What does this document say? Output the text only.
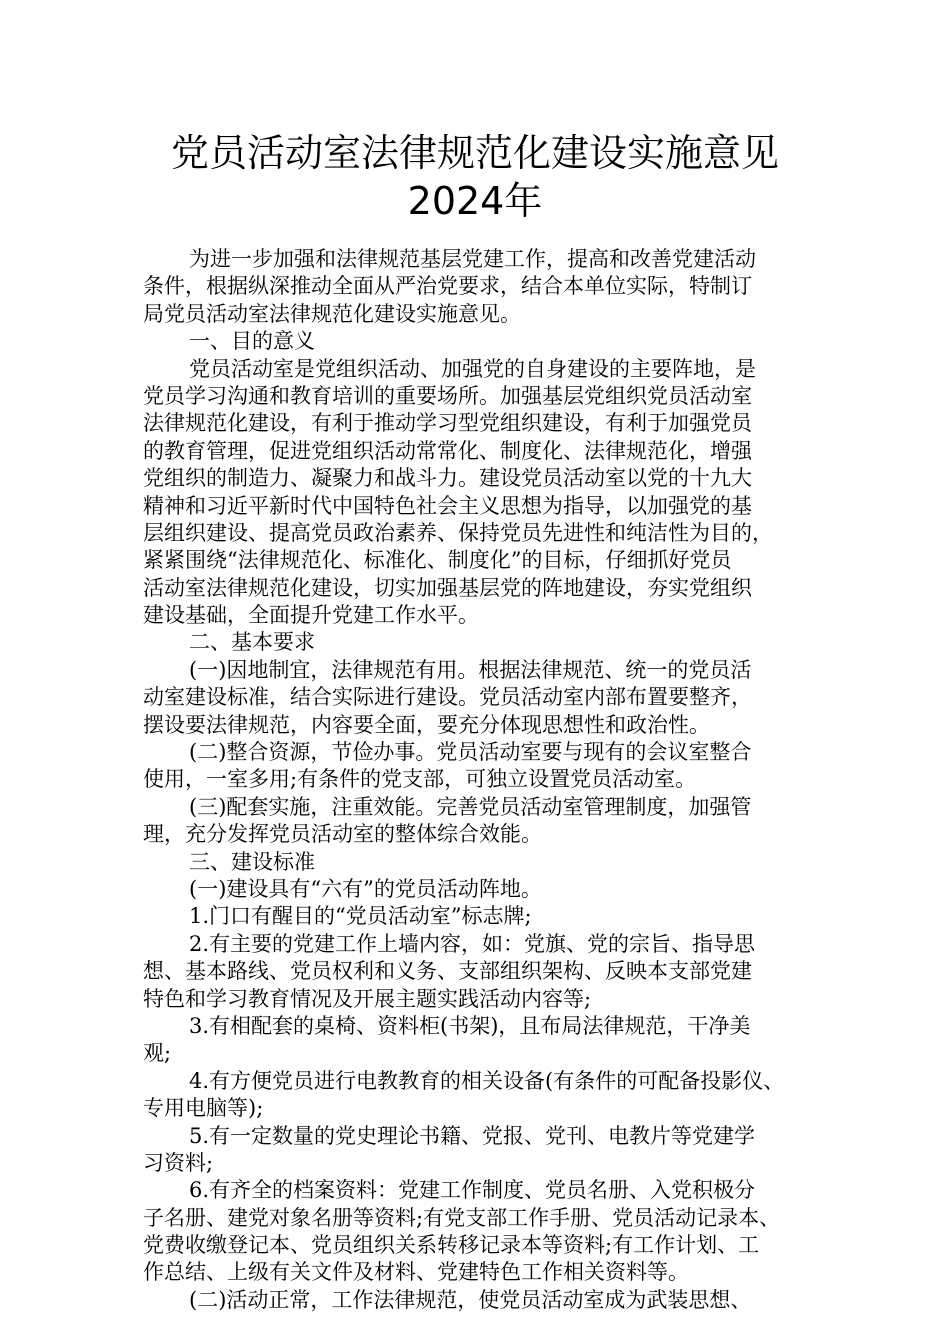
党员活动室法律规范化建设实施意见
2024年
为进一步加强和法律规范基层党建工作，提高和改善党建活动
条件，根据纵深推动全面从严治党要求，结合本单位实际，特制订
局党员活动室法律规范化建设实施意见。
一、目的意义
党员活动室是党组织活动、加强党的自身建设的主要阵地，是
党员学习沟通和教育培训的重要场所。加强基层党组织党员活动室
法律规范化建设，有利于推动学习型党组织建设，有利于加强党员
的教育管理，促进党组织活动常常化、制度化、法律规范化，增强
党组织的制造力、凝聚力和战斗力。建设党员活动室以党的十九大
精神和习近平新时代中国特色社会主义思想为指导，以加强党的基
层组织建设、提高党员政治素养、保持党员先进性和纯洁性为目的，
紧紧围绕“法律规范化、标准化、制度化”的目标，仔细抓好党员
活动室法律规范化建设，切实加强基层党的阵地建设，夯实党组织
建设基础，全面提升党建工作水平。
二、基本要求
(一)因地制宜，法律规范有用。根据法律规范、统一的党员活
动室建设标准，结合实际进行建设。党员活动室内部布置要整齐，
摆设要法律规范，内容要全面，要充分体现思想性和政治性。
(二)整合资源，节俭办事。党员活动室要与现有的会议室整合
使用，一室多用;有条件的党支部，可独立设置党员活动室。
(三)配套实施，注重效能。完善党员活动室管理制度，加强管
理，充分发挥党员活动室的整体综合效能。
三、建设标准
(一)建设具有“六有”的党员活动阵地。
1.门口有醒目的“党员活动室”标志牌;
2.有主要的党建工作上墙内容，如：党旗、党的宗旨、指导思
想、基本路线、党员权利和义务、支部组织架构、反映本支部党建
特色和学习教育情况及开展主题实践活动内容等;
3.有相配套的桌椅、资料柜(书架)，且布局法律规范，干净美
观;
4.有方便党员进行电教教育的相关设备(有条件的可配备投影仪、
专用电脑等);
5.有一定数量的党史理论书籍、党报、党刊、电教片等党建学
习资料;
6.有齐全的档案资料：党建工作制度、党员名册、入党积极分
子名册、建党对象名册等资料;有党支部工作手册、党员活动记录本、
党费收缴登记本、党员组织关系转移记录本等资料;有工作计划、工
作总结、上级有关文件及材料、党建特色工作相关资料等。
(二)活动正常，工作法律规范，使党员活动室成为武装思想、
